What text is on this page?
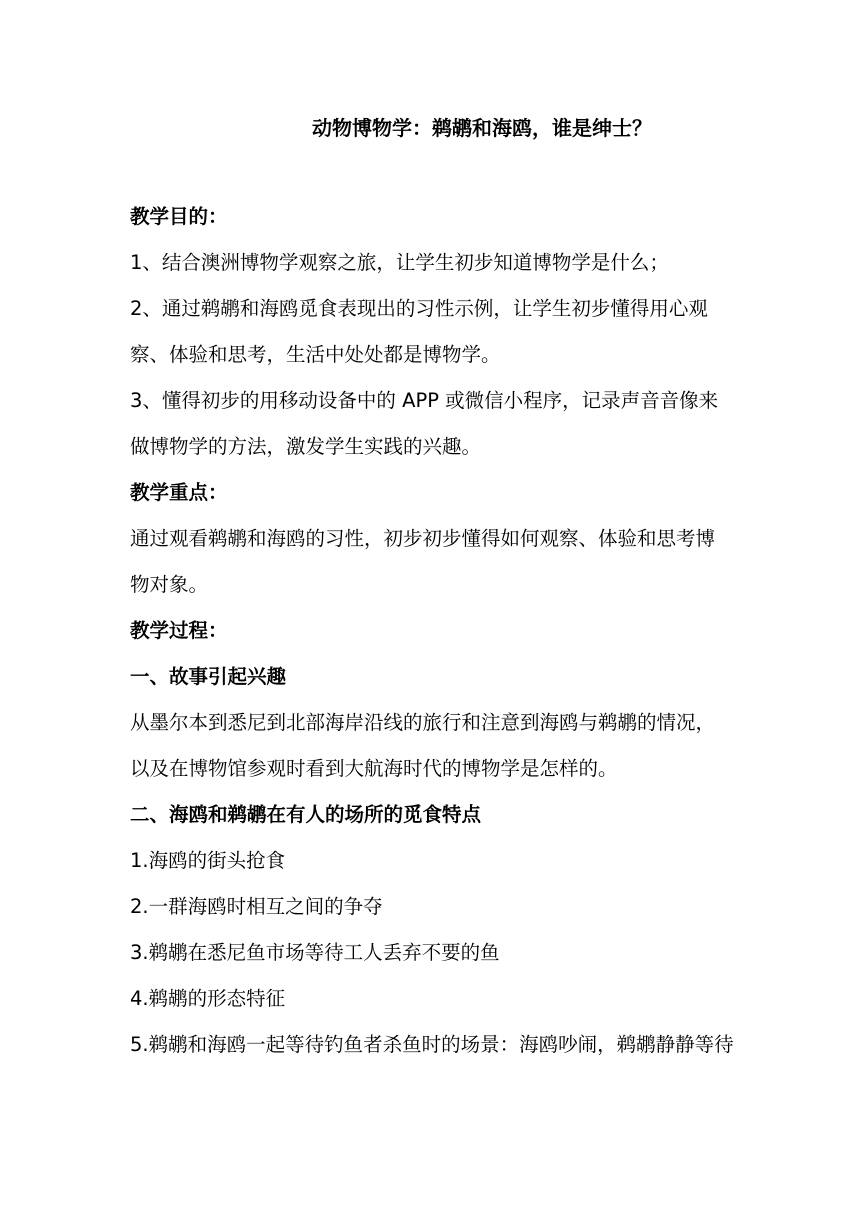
动物博物学：鹈鹕和海鸥，谁是绅士？

教学目的：

1、结合澳洲博物学观察之旅，让学生初步知道博物学是什么；

2、通过鹈鹕和海鸥觅食表现出的习性示例，让学生初步懂得用心观察、体验和思考，生活中处处都是博物学。

3、懂得初步的用移动设备中的 APP 或微信小程序，记录声音音像来做博物学的方法，激发学生实践的兴趣。

教学重点：

通过观看鹈鹕和海鸥的习性，初步初步懂得如何观察、体验和思考博物对象。

教学过程：

一、故事引起兴趣

从墨尔本到悉尼到北部海岸沿线的旅行和注意到海鸥与鹈鹕的情况，以及在博物馆参观时看到大航海时代的博物学是怎样的。

二、海鸥和鹈鹕在有人的场所的觅食特点

1.海鸥的街头抢食

2.一群海鸥时相互之间的争夺

3.鹈鹕在悉尼鱼市场等待工人丢弃不要的鱼

4.鹈鹕的形态特征

5.鹈鹕和海鸥一起等待钓鱼者杀鱼时的场景：海鸥吵闹，鹈鹕静静等待
